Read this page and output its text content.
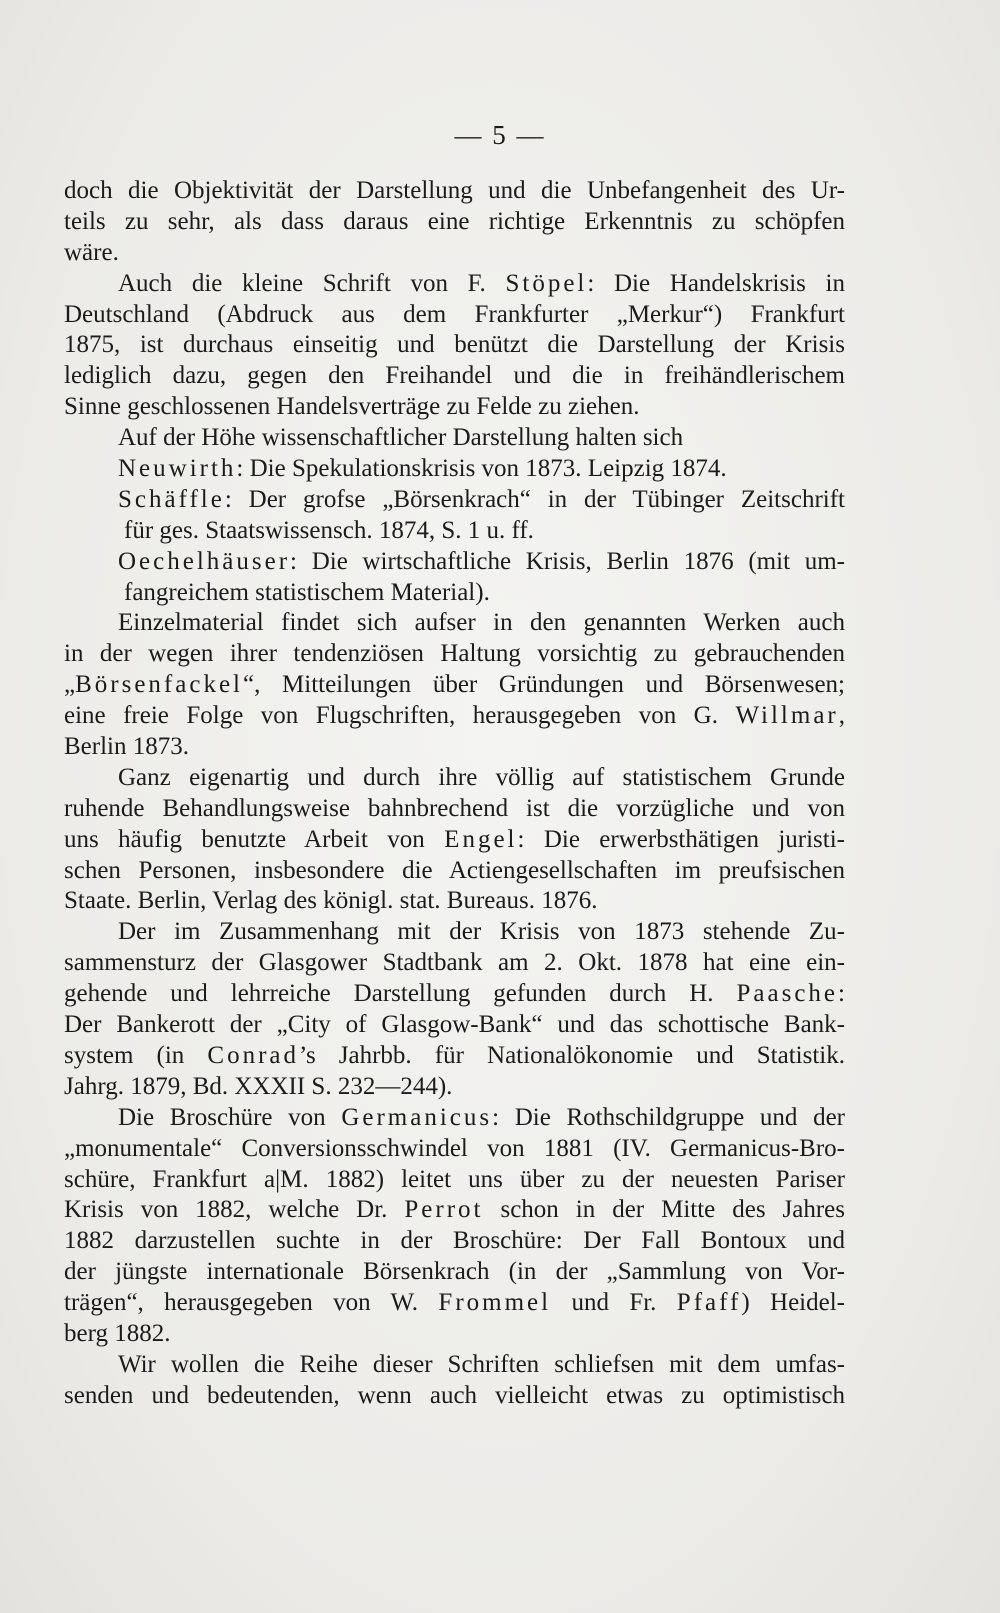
— 5 —
doch die Objektivität der Darstellung und die Unbefangenheit des Ur-
teils zu sehr, als dass daraus eine richtige Erkenntnis zu schöpfen
wäre.
Auch die kleine Schrift von F. Stöpel: Die Handelskrisis in
Deutschland (Abdruck aus dem Frankfurter „Merkur“) Frankfurt
1875, ist durchaus einseitig und benützt die Darstellung der Krisis
lediglich dazu, gegen den Freihandel und die in freihändlerischem
Sinne geschlossenen Handelsverträge zu Felde zu ziehen.
Auf der Höhe wissenschaftlicher Darstellung halten sich
Neuwirth: Die Spekulationskrisis von 1873. Leipzig 1874.
Schäffle: Der grofse „Börsenkrach“ in der Tübinger Zeitschrift
für ges. Staatswissensch. 1874, S. 1 u. ff.
Oechelhäuser: Die wirtschaftliche Krisis, Berlin 1876 (mit um-
fangreichem statistischem Material).
Einzelmaterial findet sich aufser in den genannten Werken auch
in der wegen ihrer tendenziösen Haltung vorsichtig zu gebrauchenden
„Börsenfackel“, Mitteilungen über Gründungen und Börsenwesen;
eine freie Folge von Flugschriften, herausgegeben von G. Willmar,
Berlin 1873.
Ganz eigenartig und durch ihre völlig auf statistischem Grunde
ruhende Behandlungsweise bahnbrechend ist die vorzügliche und von
uns häufig benutzte Arbeit von Engel: Die erwerbsthätigen juristi-
schen Personen, insbesondere die Actiengesellschaften im preufsischen
Staate. Berlin, Verlag des königl. stat. Bureaus. 1876.
Der im Zusammenhang mit der Krisis von 1873 stehende Zu-
sammensturz der Glasgower Stadtbank am 2. Okt. 1878 hat eine ein-
gehende und lehrreiche Darstellung gefunden durch H. Paasche:
Der Bankerott der „City of Glasgow-Bank“ und das schottische Bank-
system (in Conrad’s Jahrbb. für Nationalökonomie und Statistik.
Jahrg. 1879, Bd. XXXII S. 232—244).
Die Broschüre von Germanicus: Die Rothschildgruppe und der
„monumentale“ Conversionsschwindel von 1881 (IV. Germanicus-Bro-
schüre, Frankfurt a|M. 1882) leitet uns über zu der neuesten Pariser
Krisis von 1882, welche Dr. Perrot schon in der Mitte des Jahres
1882 darzustellen suchte in der Broschüre: Der Fall Bontoux und
der jüngste internationale Börsenkrach (in der „Sammlung von Vor-
trägen“, herausgegeben von W. Frommel und Fr. Pfaff) Heidel-
berg 1882.
Wir wollen die Reihe dieser Schriften schliefsen mit dem umfas-
senden und bedeutenden, wenn auch vielleicht etwas zu optimistisch
